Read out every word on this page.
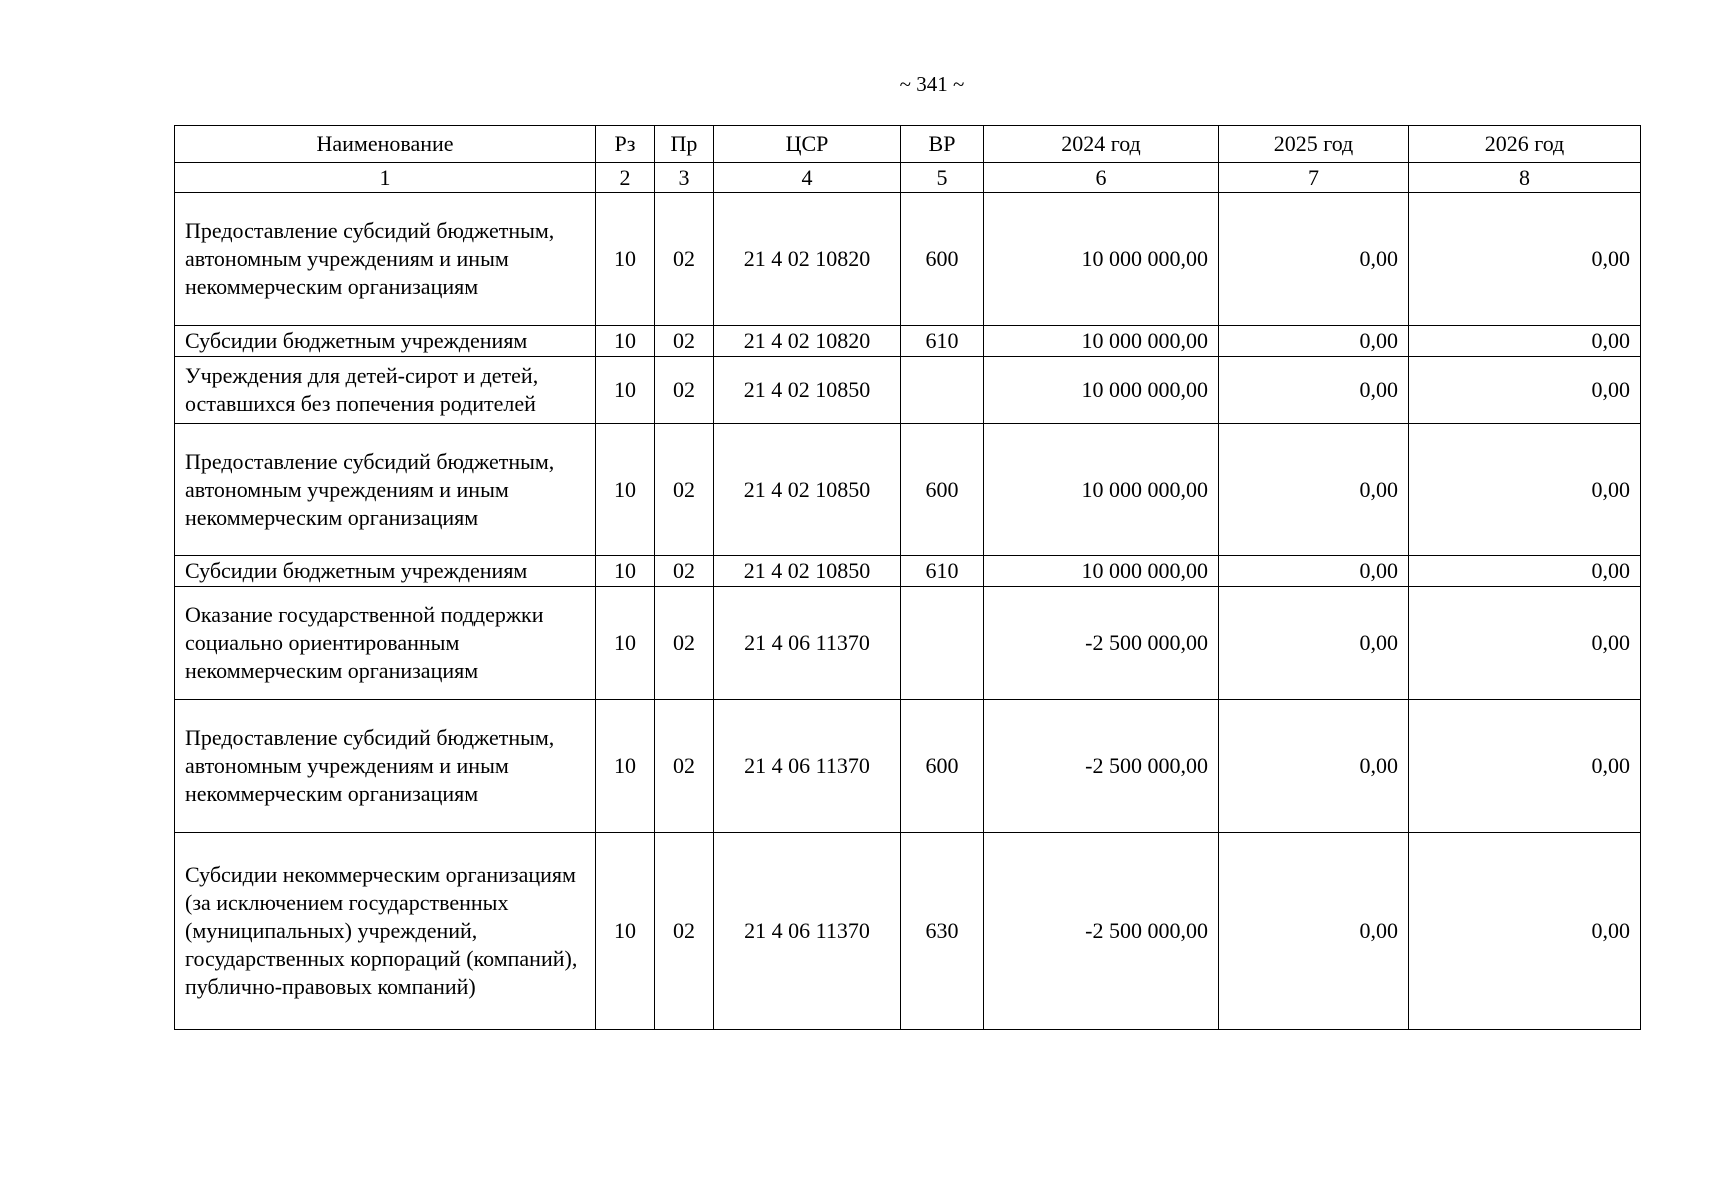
~ 341 ~
Наименование	Рз	Пр	ЦСР	ВР	2024 год	2025 год	2026 год
1	2	3	4	5	6	7	8
Предоставление субсидий бюджетным, автономным учреждениям и иным некоммерческим организациям	10	02	21 4 02 10820	600	10 000 000,00	0,00	0,00
Субсидии бюджетным учреждениям	10	02	21 4 02 10820	610	10 000 000,00	0,00	0,00
Учреждения для детей-сирот и детей, оставшихся без попечения родителей	10	02	21 4 02 10850		10 000 000,00	0,00	0,00
Предоставление субсидий бюджетным, автономным учреждениям и иным некоммерческим организациям	10	02	21 4 02 10850	600	10 000 000,00	0,00	0,00
Субсидии бюджетным учреждениям	10	02	21 4 02 10850	610	10 000 000,00	0,00	0,00
Оказание государственной поддержки социально ориентированным некоммерческим организациям	10	02	21 4 06 11370		-2 500 000,00	0,00	0,00
Предоставление субсидий бюджетным, автономным учреждениям и иным некоммерческим организациям	10	02	21 4 06 11370	600	-2 500 000,00	0,00	0,00
Субсидии некоммерческим организациям (за исключением государственных (муниципальных) учреждений, государственных корпораций (компаний), публично-правовых компаний)	10	02	21 4 06 11370	630	-2 500 000,00	0,00	0,00
